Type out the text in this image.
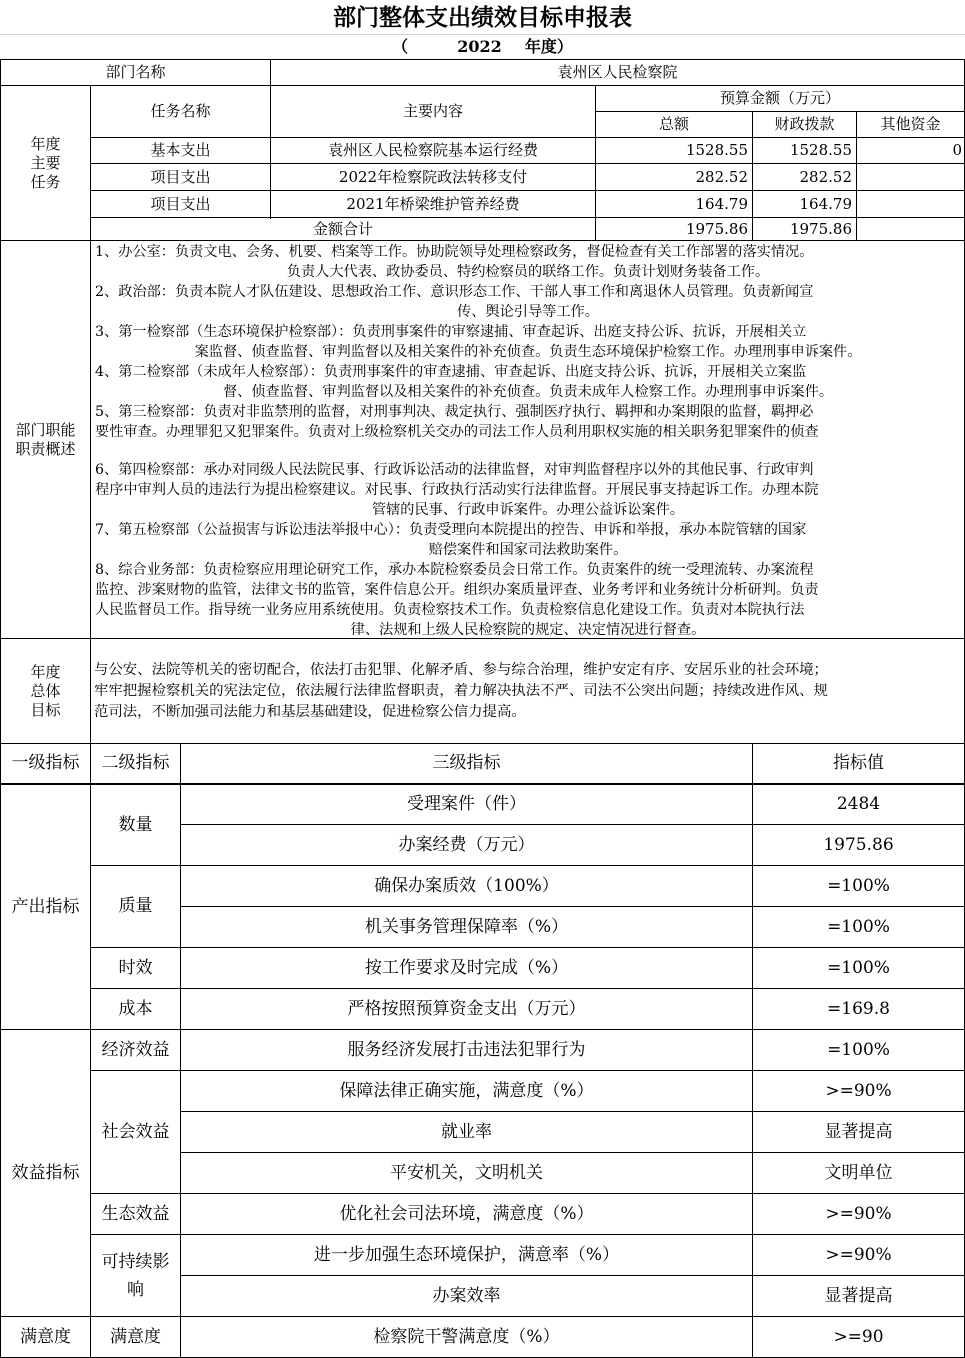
部门整体支出绩效目标申报表
（	2022 年度）
部门名称	袁州区人民检察院
年度主要任务
任务名称	主要内容
预算金额（万元）
总额	财政拨款	其他资金
基本支出	袁州区人民检察院基本运行经费	1528.55	1528.55	0
项目支出	2022年检察院政法转移支付	282.52	282.52
项目支出	2021年桥梁维护管养经费	164.79	164.79
金额合计	1975.86	1975.86
部门职能职责概述

1、办公室：负责文电、会务、机要、档案等工作。协助院领导处理检察政务，督促检查有关工作部署的落实情况。

负责人大代表、政协委员、特约检察员的联络工作。负责计划财务装备工作。

2、政治部：负责本院人才队伍建设、思想政治工作、意识形态工作、干部人事工作和离退休人员管理。负责新闻宣

传、舆论引导等工作。

3、第一检察部（生态环境保护检察部）：负责刑事案件的审察逮捕、审查起诉、出庭支持公诉、抗诉，开展相关立

案监督、侦查监督、审判监督以及相关案件的补充侦查。负责生态环境保护检察工作。办理刑事申诉案件。

4、第二检察部（未成年人检察部）：负责刑事案件的审查逮捕、审查起诉、出庭支持公诉、抗诉，开展相关立案监

督、侦查监督、审判监督以及相关案件的补充侦查。负责未成年人检察工作。办理刑事申诉案件。

5、第三检察部：负责对非监禁刑的监督，对刑事判决、裁定执行、强制医疗执行、羁押和办案期限的监督，羁押必

要性审查。办理罪犯又犯罪案件。负责对上级检察机关交办的司法工作人员利用职权实施的相关职务犯罪案件的侦查

6、第四检察部：承办对同级人民法院民事、行政诉讼活动的法律监督，对审判监督程序以外的其他民事、行政审判

程序中审判人员的违法行为提出检察建议。对民事、行政执行活动实行法律监督。开展民事支持起诉工作。办理本院

管辖的民事、行政申诉案件。办理公益诉讼案件。

7、第五检察部（公益损害与诉讼违法举报中心）：负责受理向本院提出的控告、申诉和举报，承办本院管辖的国家

赔偿案件和国家司法救助案件。

8、综合业务部：负责检察应用理论研究工作，承办本院检察委员会日常工作。负责案件的统一受理流转、办案流程

监控、涉案财物的监管，法律文书的监管，案件信息公开。组织办案质量评查、业务考评和业务统计分析研判。负责

人民监督员工作。指导统一业务应用系统使用。负责检察技术工作。负责检察信息化建设工作。负责对本院执行法

律、法规和上级人民检察院的规定、决定情况进行督查。

年度总体目标

与公安、法院等机关的密切配合，依法打击犯罪、化解矛盾、参与综合治理，维护安定有序、安居乐业的社会环境；

牢牢把握检察机关的宪法定位，依法履行法律监督职责，着力解决执法不严、司法不公突出问题；持续改进作风、规

范司法，不断加强司法能力和基层基础建设，促进检察公信力提高。

一级指标	二级指标	三级指标	指标值
产出指标
数量
受理案件（件）	2484
办案经费（万元）	1975.86
质量
确保办案质效（100%）	=100%
机关事务管理保障率（%）	=100%
时效	按工作要求及时完成（%）	=100%
成本	严格按照预算资金支出（万元）	=169.8
效益指标
经济效益	服务经济发展打击违法犯罪行为	=100%
社会效益
保障法律正确实施，满意度（%）	>=90%
就业率	显著提高
平安机关，文明机关	文明单位
生态效益	优化社会司法环境，满意度（%）	>=90%
可持续影
响
进一步加强生态环境保护，满意率（%）	>=90%
办案效率	显著提高
满意度	满意度	检察院干警满意度（%）	>=90
